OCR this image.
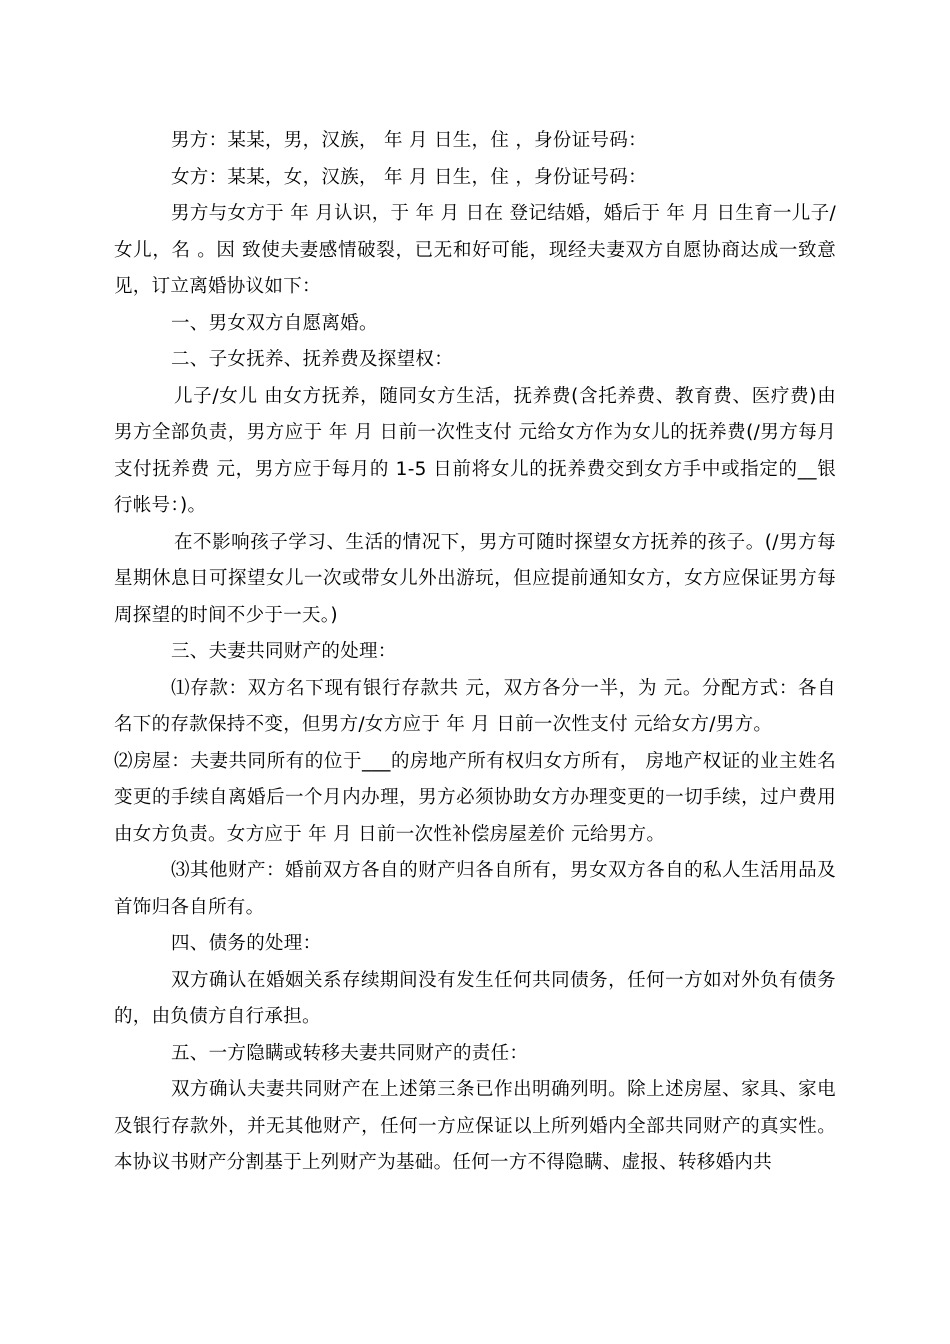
男方：某某，男，汉族， 年 月 日生，住 ，身份证号码：

女方：某某，女，汉族， 年 月 日生，住 ，身份证号码：

男方与女方于 年 月认识，于 年 月 日在 登记结婚，婚后于 年 月 日生育一儿子/女儿，名 。因 致使夫妻感情破裂，已无和好可能，现经夫妻双方自愿协商达成一致意见，订立离婚协议如下：

一、男女双方自愿离婚。

二、子女抚养、抚养费及探望权：

儿子/女儿 由女方抚养，随同女方生活，抚养费(含托养费、教育费、医疗费)由男方全部负责，男方应于 年 月 日前一次性支付 元给女方作为女儿的抚养费(/男方每月支付抚养费 元，男方应于每月的 1-5 日前将女儿的抚养费交到女方手中或指定的__银行帐号：)。

在不影响孩子学习、生活的情况下，男方可随时探望女方抚养的孩子。(/男方每星期休息日可探望女儿一次或带女儿外出游玩，但应提前通知女方，女方应保证男方每周探望的时间不少于一天。)

三、夫妻共同财产的处理：

⑴存款：双方名下现有银行存款共 元，双方各分一半，为 元。分配方式：各自名下的存款保持不变，但男方/女方应于 年 月 日前一次性支付 元给女方/男方。

⑵房屋：夫妻共同所有的位于___的房地产所有权归女方所有， 房地产权证的业主姓名变更的手续自离婚后一个月内办理，男方必须协助女方办理变更的一切手续，过户费用由女方负责。女方应于 年 月 日前一次性补偿房屋差价 元给男方。

⑶其他财产：婚前双方各自的财产归各自所有，男女双方各自的私人生活用品及首饰归各自所有。

四、债务的处理：

双方确认在婚姻关系存续期间没有发生任何共同债务，任何一方如对外负有债务的，由负债方自行承担。

五、一方隐瞒或转移夫妻共同财产的责任：

双方确认夫妻共同财产在上述第三条已作出明确列明。除上述房屋、家具、家电及银行存款外，并无其他财产，任何一方应保证以上所列婚内全部共同财产的真实性。本协议书财产分割基于上列财产为基础。任何一方不得隐瞒、虚报、转移婚内共
